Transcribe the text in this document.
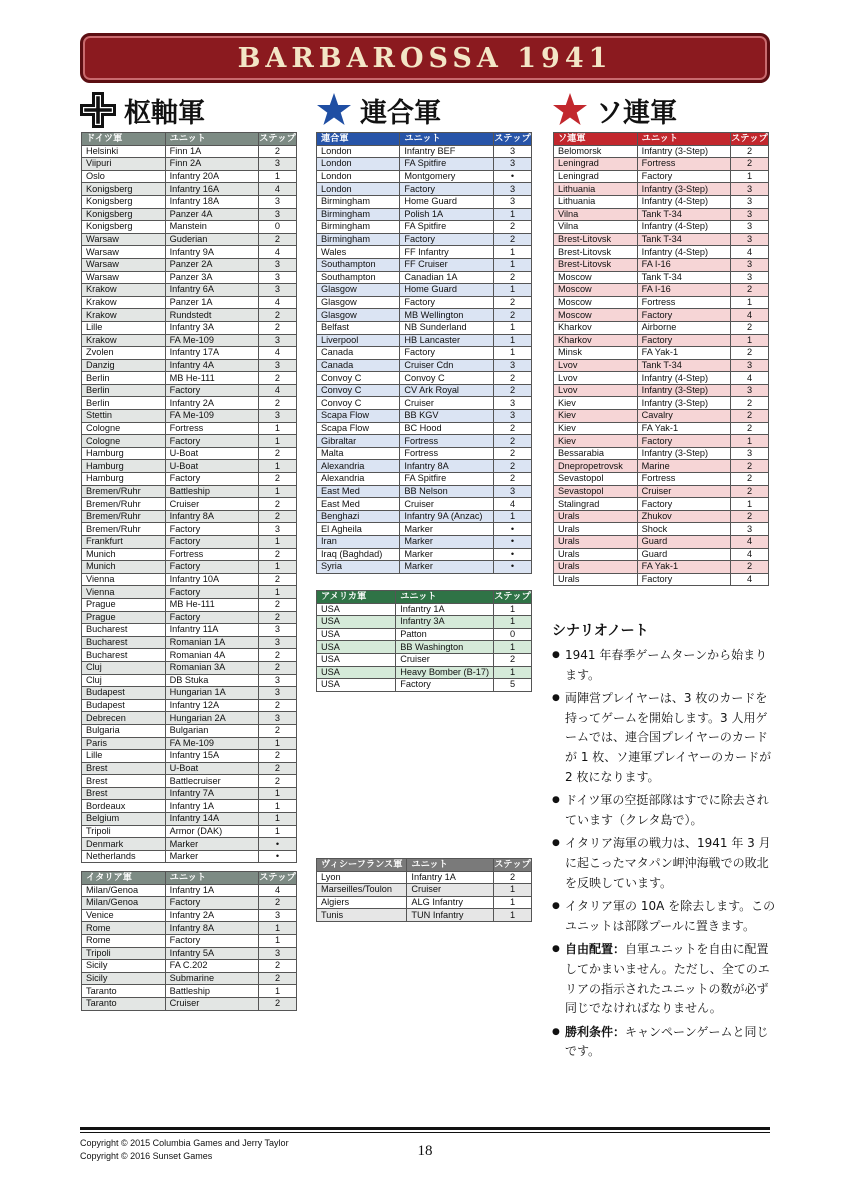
BARBAROSSA 1941
枢軸軍	連合軍	ソ連軍
ドイツ軍	ユニット	ステップ
Helsinki	Finn 1A	2
Viipuri	Finn 2A	3
Oslo	Infantry 20A	1
Konigsberg	Infantry 16A	4
Konigsberg	Infantry 18A	3
Konigsberg	Panzer 4A	3
Konigsberg	Manstein	0
Warsaw	Guderian	2
Warsaw	Infantry 9A	4
Warsaw	Panzer 2A	3
Warsaw	Panzer 3A	3
Krakow	Infantry 6A	3
Krakow	Panzer 1A	4
Krakow	Rundstedt	2
Lille	Infantry 3A	2
Krakow	FA Me-109	3
Zvolen	Infantry 17A	4
Danzig	Infantry 4A	3
Berlin	MB He-111	2
Berlin	Factory	4
Berlin	Infantry 2A	2
Stettin	FA Me-109	3
Cologne	Fortress	1
Cologne	Factory	1
Hamburg	U-Boat	2
Hamburg	U-Boat	1
Hamburg	Factory	2
Bremen/Ruhr	Battleship	1
Bremen/Ruhr	Cruiser	2
Bremen/Ruhr	Infantry 8A	2
Bremen/Ruhr	Factory	3
Frankfurt	Factory	1
Munich	Fortress	2
Munich	Factory	1
Vienna	Infantry 10A	2
Vienna	Factory	1
Prague	MB He-111	2
Prague	Factory	2
Bucharest	Infantry 11A	3
Bucharest	Romanian 1A	3
Bucharest	Romanian 4A	2
Cluj	Romanian 3A	2
Cluj	DB Stuka	3
Budapest	Hungarian 1A	3
Budapest	Infantry 12A	2
Debrecen	Hungarian 2A	3
Bulgaria	Bulgarian	2
Paris	FA Me-109	1
Lille	Infantry 15A	2
Brest	U-Boat	2
Brest	Battlecruiser	2
Brest	Infantry 7A	1
Bordeaux	Infantry 1A	1
Belgium	Infantry 14A	1
Tripoli	Armor (DAK)	1
Denmark	Marker	•
Netherlands	Marker	•
イタリア軍	ユニット	ステップ
Milan/Genoa	Infantry 1A	4
Milan/Genoa	Factory	2
Venice	Infantry 2A	3
Rome	Infantry 8A	1
Rome	Factory	1
Tripoli	Infantry 5A	3
Sicily	FA C.202	2
Sicily	Submarine	2
Taranto	Battleship	1
Taranto	Cruiser	2
連合軍	ユニット	ステップ
London	Infantry BEF	3
London	FA Spitfire	3
London	Montgomery	•
London	Factory	3
Birmingham	Home Guard	3
Birmingham	Polish 1A	1
Birmingham	FA Spitfire	2
Birmingham	Factory	2
Wales	FF Infantry	1
Southampton	FF Cruiser	1
Southampton	Canadian 1A	2
Glasgow	Home Guard	1
Glasgow	Factory	2
Glasgow	MB Wellington	2
Belfast	NB Sunderland	1
Liverpool	HB Lancaster	1
Canada	Factory	1
Canada	Cruiser Cdn	3
Convoy C	Convoy C	2
Convoy C	CV Ark Royal	2
Convoy C	Cruiser	3
Scapa Flow	BB KGV	3
Scapa Flow	BC Hood	2
Gibraltar	Fortress	2
Malta	Fortress	2
Alexandria	Infantry 8A	2
Alexandria	FA Spitfire	2
East Med	BB Nelson	3
East Med	Cruiser	4
Benghazi	Infantry 9A (Anzac)	1
El Agheila	Marker	•
Iran	Marker	•
Iraq (Baghdad)	Marker	•
Syria	Marker	•
アメリカ軍	ユニット	ステップ
USA	Infantry 1A	1
USA	Infantry 3A	1
USA	Patton	0
USA	BB Washington	1
USA	Cruiser	2
USA	Heavy Bomber (B-17)	1
USA	Factory	5
ヴィシーフランス軍	ユニット	ステップ
Lyon	Infantry 1A	2
Marseilles/Toulon	Cruiser	1
Algiers	ALG Infantry	1
Tunis	TUN Infantry	1
ソ連軍	ユニット	ステップ
Belomorsk	Infantry (3-Step)	2
Leningrad	Fortress	2
Leningrad	Factory	1
Lithuania	Infantry (3-Step)	3
Lithuania	Infantry (4-Step)	3
Vilna	Tank T-34	3
Vilna	Infantry (4-Step)	3
Brest-Litovsk	Tank T-34	3
Brest-Litovsk	Infantry (4-Step)	4
Brest-Litovsk	FA I-16	3
Moscow	Tank T-34	3
Moscow	FA I-16	2
Moscow	Fortress	1
Moscow	Factory	4
Kharkov	Airborne	2
Kharkov	Factory	1
Minsk	FA Yak-1	2
Lvov	Tank T-34	3
Lvov	Infantry (4-Step)	4
Lvov	Infantry (3-Step)	3
Kiev	Infantry (3-Step)	2
Kiev	Cavalry	2
Kiev	FA Yak-1	2
Kiev	Factory	1
Bessarabia	Infantry (3-Step)	3
Dnepropetrovsk	Marine	2
Sevastopol	Fortress	2
Sevastopol	Cruiser	2
Stalingrad	Factory	1
Urals	Zhukov	2
Urals	Shock	3
Urals	Guard	4
Urals	Guard	4
Urals	FA Yak-1	2
Urals	Factory	4
シナリオノート
● 1941 年春季ゲームターンから始まります。
● 両陣営プレイヤーは、3 枚のカードを持ってゲームを開始します。3 人用ゲームでは、連合国プレイヤーのカードが 1 枚、ソ連軍プレイヤーのカードが 2 枚になります。
● ドイツ軍の空挺部隊はすでに除去されています（クレタ島で）。
● イタリア海軍の戦力は、1941 年 3 月に起こったマタパン岬沖海戦での敗北を反映しています。
● イタリア軍の 10A を除去します。このユニットは部隊プールに置きます。
● 自由配置：自軍ユニットを自由に配置してかまいません。ただし、全てのエリアの指示されたユニットの数が必ず同じでなければなりません。
● 勝利条件：キャンペーンゲームと同じです。
Copyright © 2015 Columbia Games and Jerry Taylor
Copyright © 2016 Sunset Games	18
